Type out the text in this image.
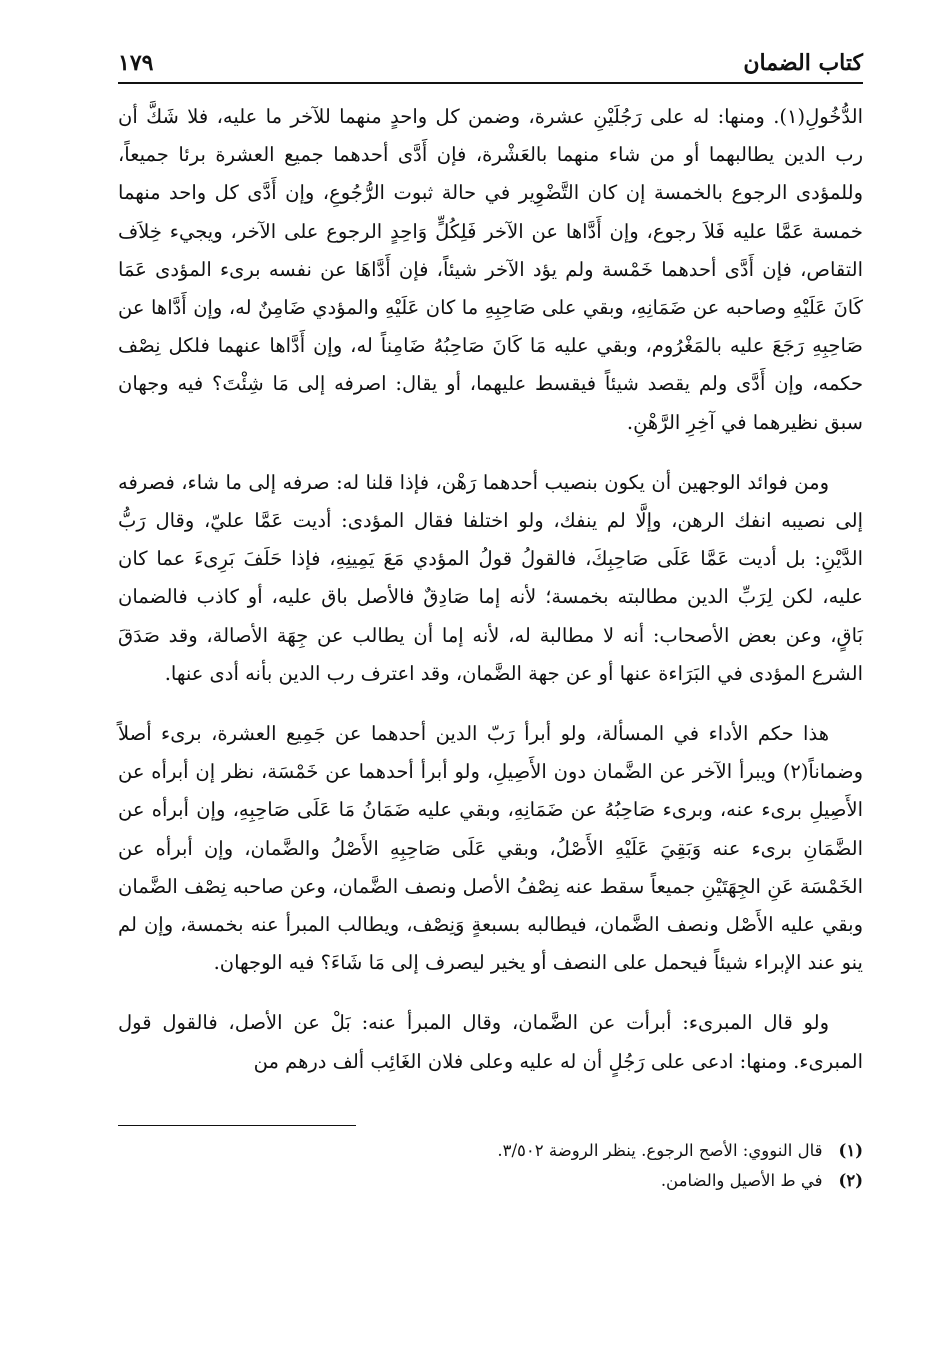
كتاب الضمان
١٧٩

الدُّخُولِ(١). ومنها: له على رَجُلَيْنِ عشرة، وضمن كل واحدٍ منهما للآخر ما عليه، فلا شَكَّ أن رب الدين يطالبهما أو من شاء منهما بالعَشْرة، فإن أَدَّى أحدهما جميع العشرة برئا جميعاً، وللمؤدى الرجوع بالخمسة إن كان التَّضْوِير في حالة ثبوت الرُّجُوعِ، وإن أَدَّى كل واحد منهما خمسة عَمَّا عليه فَلاَ رجوع، وإن أَدَّاها عن الآخر فَلِكُلٍّ وَاحِدٍ الرجوع على الآخر، ويجيء خِلاَف التقاص، فإن أَدَّى أحدهما خَمْسة ولم يؤد الآخر شيئاً، فإن أَدَّاهَا عن نفسه برىء المؤدى عَمَا كَانَ عَلَيْهِ وصاحبه عن ضَمَانِهِ، وبقي على صَاحِبِهِ ما كان عَلَيْهِ والمؤدي ضَامِنٌ له، وإن أَدَّاها عن صَاحِبِهِ رَجَعَ عليه بالمَغْرُوم، وبقي عليه مَا كَانَ صَاحِبُهُ ضَامِناً له، وإن أَدَّاها عنهما فلكل نِصْف حكمه، وإن أَدَّى ولم يقصد شيئاً فيقسط عليهما، أو يقال: اصرفه إلى مَا شِئْتَ؟ فيه وجهان سبق نظيرهما في آخِرِ الرَّهْنِ.

ومن فوائد الوجهين أن يكون بنصيب أحدهما رَهْن، فإذا قلنا له: صرفه إلى ما شاء، فصرفه إلى نصيبه انفك الرهن، وإلَّا لم ينفك، ولو اختلفا فقال المؤدى: أديت عَمَّا عليّ، وقال رَبُّ الدَّيْنِ: بل أديت عَمَّا عَلَى صَاحِبِكَ، فالقولُ قولُ المؤدي مَعَ يَمِينِهِ، فإذا حَلَفَ بَرِىءَ عما كان عليه، لكن لِرَبِّ الدين مطالبته بخمسة؛ لأنه إما صَادِقٌ فالأصل باق عليه، أو كاذب فالضمان بَاقٍ، وعن بعض الأصحاب: أنه لا مطالبة له، لأنه إما أن يطالب عن جِهَة الأصالة، وقد صَدَقَ الشرع المؤدى في البَرَاءة عنها أو عن جهة الضَّمان، وقد اعترف رب الدين بأنه أدى عنها.

هذا حكم الأداء في المسألة، ولو أبرأ رَبّ الدين أحدهما عن جَمِيع العشرة، برىء أصلاً وضماناً(٢) ويبرأ الآخر عن الضَّمان دون الأَصِيلِ، ولو أبرأ أحدهما عن خَمْسَة، نظر إن أبرأه عن الأَصِيلِ برىء عنه، وبرىء صَاحِبُهُ عن ضَمَانِهِ، وبقي عليه ضَمَانُ مَا عَلَى صَاحِبِهِ، وإن أبرأه عن الضَّمَانِ برىء عنه وَبَقِيَ عَلَيْهِ الأَصْلُ، وبقي عَلَى صَاحِبِهِ الأَصْلُ والضَّمان، وإن أبرأه عن الخَمْسَة عَنِ الجِهَتَيْنِ جميعاً سقط عنه نِصْفُ الأصل ونصف الضَّمان، وعن صاحبه نِصْف الضَّمان وبقي عليه الأَصْل ونصف الضَّمان، فيطالبه بسبعةٍ وَنِصْف، ويطالب المبرأ عنه بخمسة، وإن لم ينو عند الإبراء شيئاً فيحمل على النصف أو يخير ليصرف إلى مَا شَاءَ؟ فيه الوجهان.

ولو قال المبرىء: أبرأت عن الضَّمان، وقال المبرأ عنه: بَلْ عن الأصل، فالقول قول المبرىء. ومنها: ادعى على رَجُلٍ أن له عليه وعلى فلان الغَائِب ألف درهم من

(١)
قال النووي: الأصح الرجوع. ينظر الروضة ٣/٥٠٢.
(٢)
في ط الأصيل والضامن.
